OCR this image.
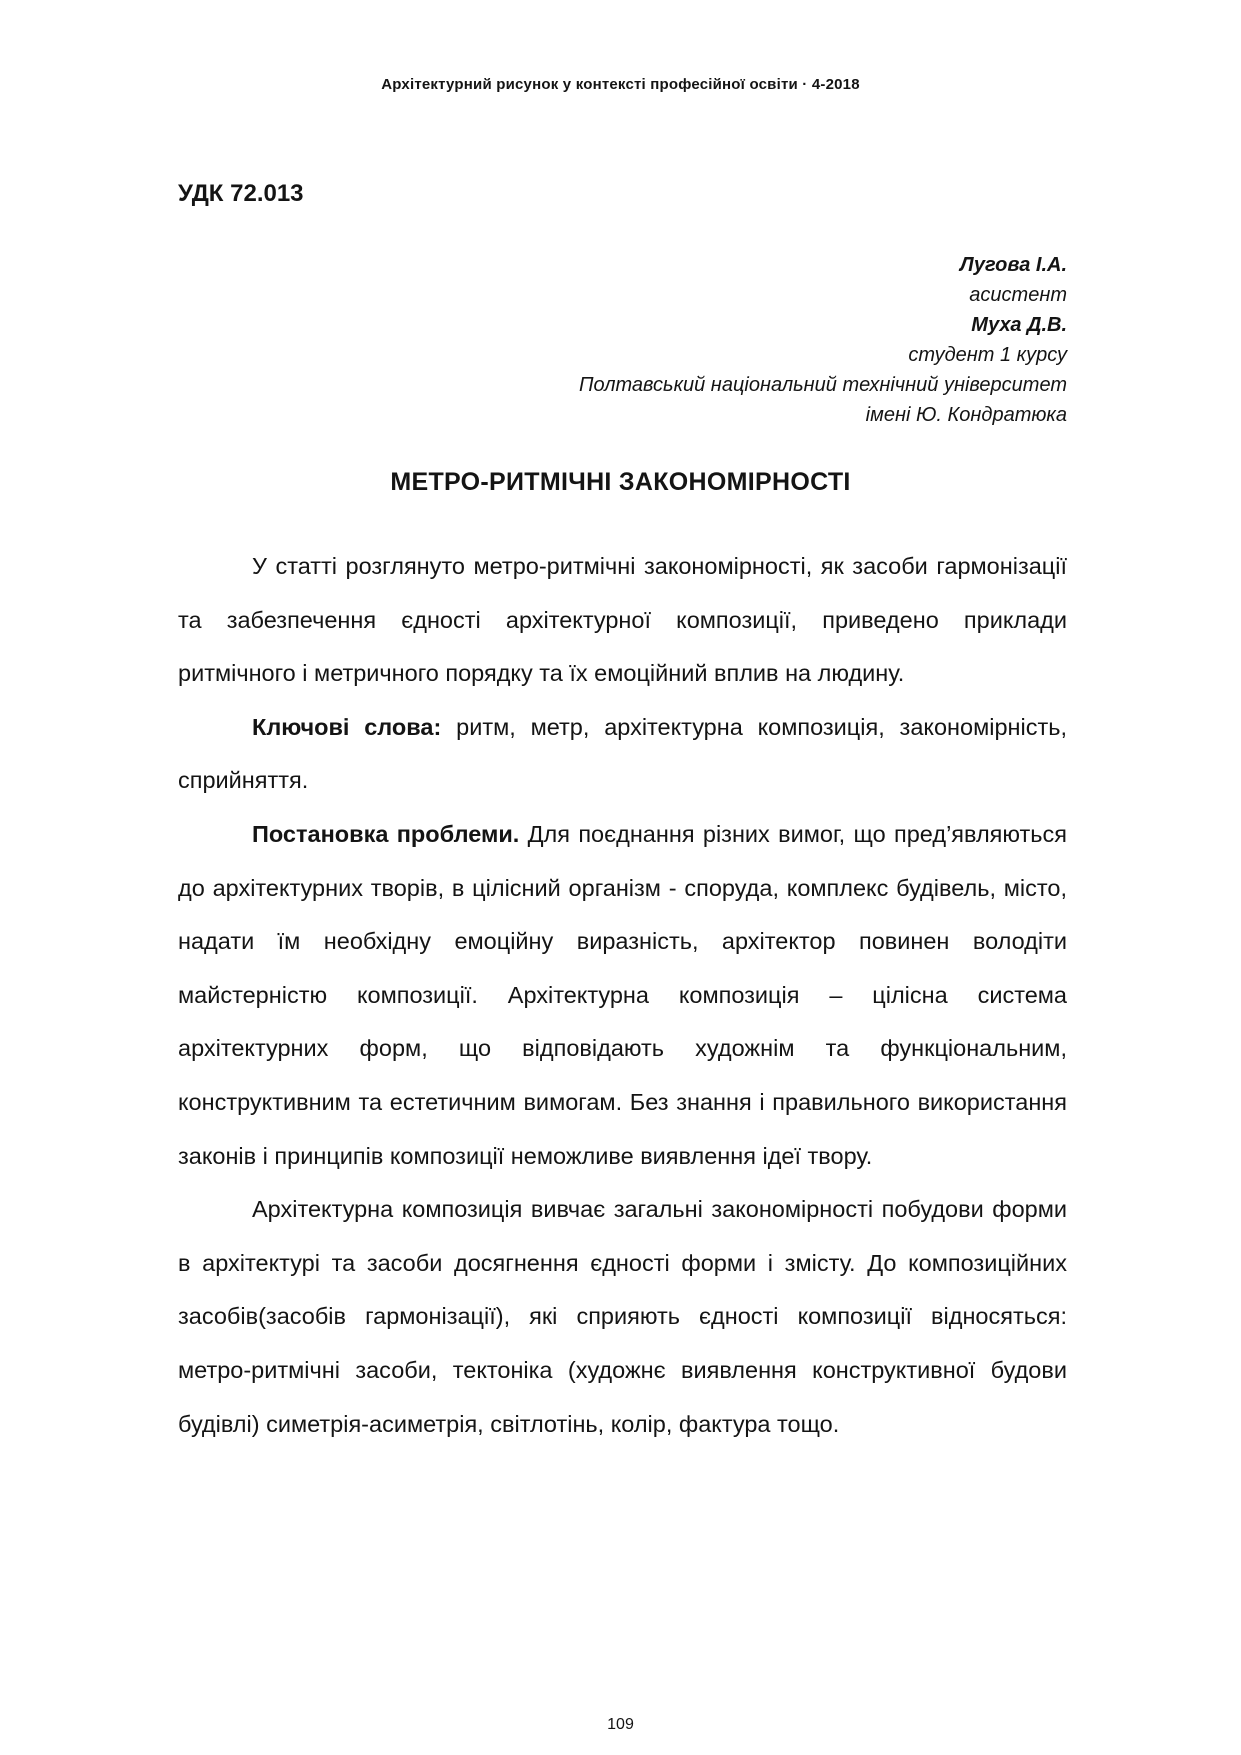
Архітектурний рисунок у контексті професійної освіти · 4-2018
УДК 72.013
Лугова І.А.
асистент
Муха Д.В.
студент 1 курсу
Полтавський національний технічний університет
імені Ю. Кондратюка
МЕТРО-РИТМІЧНІ ЗАКОНОМІРНОСТІ

У статті розглянуто метро-ритмічні закономірності, як засоби гармонізації та забезпечення єдності архітектурної композиції, приведено приклади ритмічного і метричного порядку та їх емоційний вплив на людину.

Ключові слова: ритм, метр, архітектурна композиція, закономірність, сприйняття.

Постановка проблеми. Для поєднання різних вимог, що пред’являються до архітектурних творів, в цілісний організм - споруда, комплекс будівель, місто, надати їм необхідну емоційну виразність, архітектор повинен володіти майстерністю композиції. Архітектурна композиція – цілісна система архітектурних форм, що відповідають художнім та функціональним, конструктивним та естетичним вимогам. Без знання і правильного використання законів і принципів композиції неможливе виявлення ідеї твору.

Архітектурна композиція вивчає загальні закономірності побудови форми в архітектурі та засоби досягнення єдності форми і змісту. До композиційних засобів(засобів гармонізації), які сприяють єдності композиції відносяться: метро-ритмічні засоби, тектоніка (художнє виявлення конструктивної будови будівлі) симетрія-асиметрія, світлотінь, колір, фактура тощо.

109
